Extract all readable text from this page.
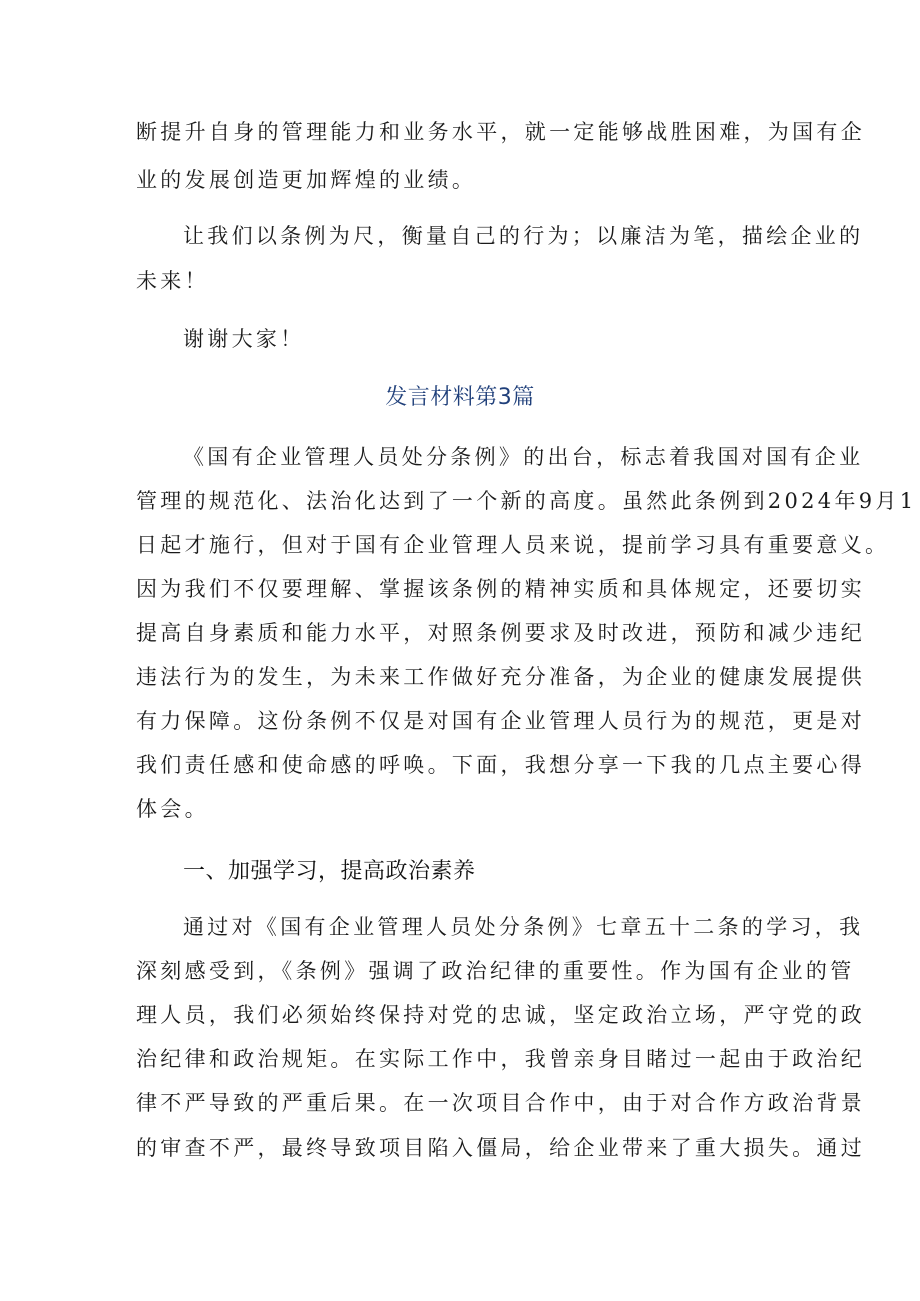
断提升自身的管理能力和业务水平，就一定能够战胜困难，为国有企
业的发展创造更加辉煌的业绩。
让我们以条例为尺，衡量自己的行为；以廉洁为笔，描绘企业的
未来！
谢谢大家！
发言材料第3篇
《国有企业管理人员处分条例》的出台，标志着我国对国有企业
管理的规范化、法治化达到了一个新的高度。虽然此条例到2024年9月1
日起才施行，但对于国有企业管理人员来说，提前学习具有重要意义。
因为我们不仅要理解、掌握该条例的精神实质和具体规定，还要切实
提高自身素质和能力水平，对照条例要求及时改进，预防和减少违纪
违法行为的发生，为未来工作做好充分准备，为企业的健康发展提供
有力保障。这份条例不仅是对国有企业管理人员行为的规范，更是对
我们责任感和使命感的呼唤。下面，我想分享一下我的几点主要心得
体会。
一、加强学习，提高政治素养
通过对《国有企业管理人员处分条例》七章五十二条的学习，我
深刻感受到，《条例》强调了政治纪律的重要性。作为国有企业的管
理人员，我们必须始终保持对党的忠诚，坚定政治立场，严守党的政
治纪律和政治规矩。在实际工作中，我曾亲身目睹过一起由于政治纪
律不严导致的严重后果。在一次项目合作中，由于对合作方政治背景
的审查不严，最终导致项目陷入僵局，给企业带来了重大损失。通过
